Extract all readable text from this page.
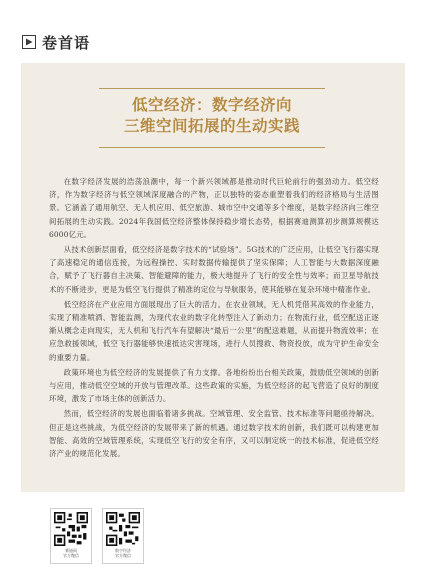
卷首语
低空经济：数字经济向
三维空间拓展的生动实践

在数字经济发展的浩荡浪潮中，每一个新兴领域都是推动时代巨轮前行的强劲动力。低空经济，作为数字经济与低空领域深度融合的产物，正以独特的姿态重塑着我们的经济格局与生活图景。它涵盖了通用航空、无人机应用、低空旅游、城市空中交通等多个维度，是数字经济向三维空间拓展的生动实践。2024年我国低空经济整体保持稳步增长态势，根据赛迪测算初步测算规模达6000亿元。

从技术创新层面看，低空经济是数字技术的“试验场”。5G技术的广泛应用，让低空飞行器实现了高速稳定的通信连接，为远程操控、实时数据传输提供了坚实保障；人工智能与大数据深度融合，赋予了飞行器自主决策、智能避障的能力，极大地提升了飞行的安全性与效率；而卫星导航技术的不断进步，更是为低空飞行提供了精准的定位与导航服务，使其能够在复杂环境中精准作业。

低空经济在产业应用方面展现出了巨大的活力。在农业领域，无人机凭借其高效的作业能力，实现了精准喷洒、智能监测，为现代农业的数字化转型注入了新动力；在物流行业，低空配送正逐渐从概念走向现实，无人机和飞行汽车有望解决“最后一公里”的配送难题，从而提升物流效率；在应急救援领域，低空飞行器能够快速抵达灾害现场，进行人员搜救、物资投放，成为守护生命安全的重要力量。

政策环境也为低空经济的发展提供了有力支撑。各地纷纷出台相关政策，鼓励低空领域的创新与应用，推动低空空域的开放与管理改革。这些政策的实施，为低空经济的起飞营造了良好的制度环境，激发了市场主体的创新活力。

然而，低空经济的发展也面临着诸多挑战。空域管理、安全监管、技术标准等问题亟待解决。但正是这些挑战，为低空经济的发展带来了新的机遇。通过数字技术的创新，我们既可以构建更加智能、高效的空域管理系统，实现低空飞行的安全有序，又可以制定统一的技术标准，促进低空经济产业的规范化发展。

赛迪网
官方微信
数字经济
官方微信
